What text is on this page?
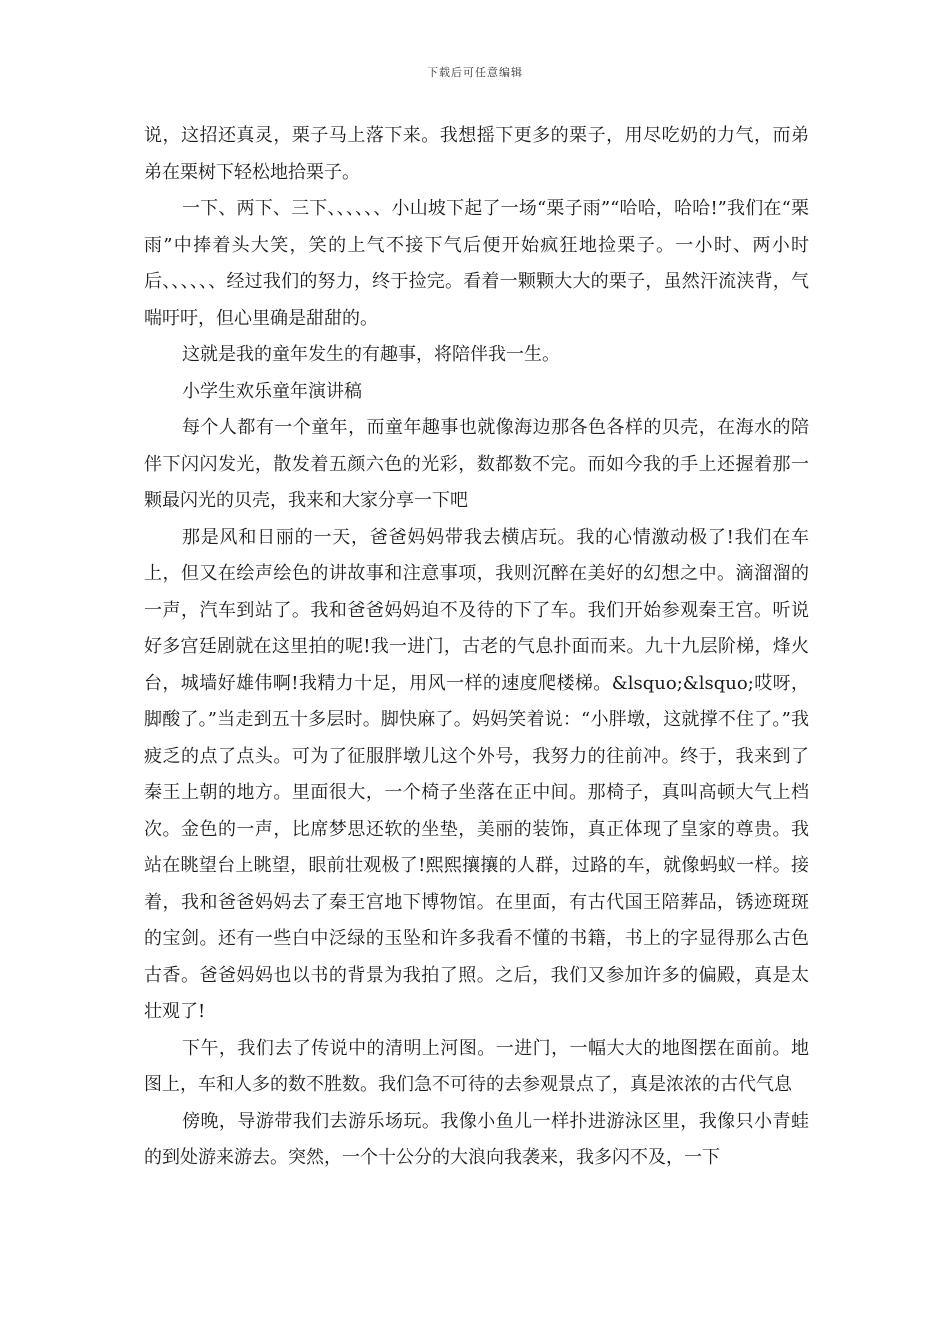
下载后可任意编辑

说，这招还真灵，栗子马上落下来。我想摇下更多的栗子，用尽吃奶的力气，而弟弟在栗树下轻松地拾栗子。

一下、两下、三下、、、、、、小山坡下起了一场“栗子雨”“哈哈，哈哈!”我们在“栗雨”中捧着头大笑，笑的上气不接下气后便开始疯狂地捡栗子。一小时、两小时后、、、、、、经过我们的努力，终于捡完。看着一颗颗大大的栗子，虽然汗流浃背，气喘吁吁，但心里确是甜甜的。

这就是我的童年发生的有趣事，将陪伴我一生。

小学生欢乐童年演讲稿

每个人都有一个童年，而童年趣事也就像海边那各色各样的贝壳，在海水的陪伴下闪闪发光，散发着五颜六色的光彩，数都数不完。而如今我的手上还握着那一颗最闪光的贝壳，我来和大家分享一下吧

那是风和日丽的一天，爸爸妈妈带我去横店玩。我的心情激动极了!我们在车上，但又在绘声绘色的讲故事和注意事项，我则沉醉在美好的幻想之中。滴溜溜的一声，汽车到站了。我和爸爸妈妈迫不及待的下了车。我们开始参观秦王宫。听说好多宫廷剧就在这里拍的呢!我一进门，古老的气息扑面而来。九十九层阶梯，烽火台，城墙好雄伟啊!我精力十足，用风一样的速度爬楼梯。&lsquo;&lsquo;哎呀，脚酸了。”当走到五十多层时。脚快麻了。妈妈笑着说：“小胖墩，这就撑不住了。”我疲乏的点了点头。可为了征服胖墩儿这个外号，我努力的往前冲。终于，我来到了秦王上朝的地方。里面很大，一个椅子坐落在正中间。那椅子，真叫高顿大气上档次。金色的一声，比席梦思还软的坐垫，美丽的装饰，真正体现了皇家的尊贵。我站在眺望台上眺望，眼前壮观极了!熙熙攘攘的人群，过路的车，就像蚂蚁一样。接着，我和爸爸妈妈去了秦王宫地下博物馆。在里面，有古代国王陪葬品，锈迹斑斑的宝剑。还有一些白中泛绿的玉坠和许多我看不懂的书籍，书上的字显得那么古色古香。爸爸妈妈也以书的背景为我拍了照。之后，我们又参加许多的偏殿，真是太壮观了!

下午，我们去了传说中的清明上河图。一进门，一幅大大的地图摆在面前。地图上，车和人多的数不胜数。我们急不可待的去参观景点了，真是浓浓的古代气息

傍晚，导游带我们去游乐场玩。我像小鱼儿一样扑进游泳区里，我像只小青蛙的到处游来游去。突然，一个十公分的大浪向我袭来，我多闪不及，一下
